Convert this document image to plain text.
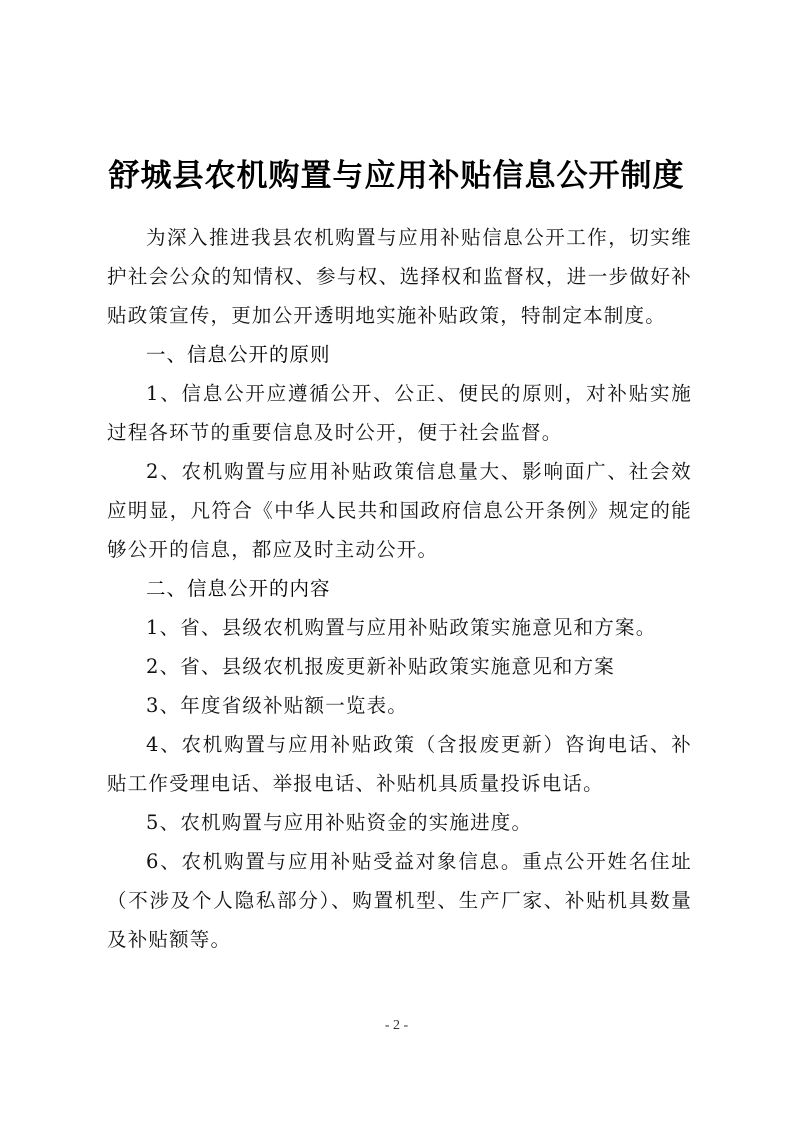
舒城县农机购置与应用补贴信息公开制度

为深入推进我县农机购置与应用补贴信息公开工作，切实维护社会公众的知情权、参与权、选择权和监督权，进一步做好补贴政策宣传，更加公开透明地实施补贴政策，特制定本制度。

一、信息公开的原则

1、信息公开应遵循公开、公正、便民的原则，对补贴实施过程各环节的重要信息及时公开，便于社会监督。

2、农机购置与应用补贴政策信息量大、影响面广、社会效应明显，凡符合《中华人民共和国政府信息公开条例》规定的能够公开的信息，都应及时主动公开。

二、信息公开的内容

1、省、县级农机购置与应用补贴政策实施意见和方案。

2、省、县级农机报废更新补贴政策实施意见和方案

3、年度省级补贴额一览表。

4、农机购置与应用补贴政策（含报废更新）咨询电话、补贴工作受理电话、举报电话、补贴机具质量投诉电话。

5、农机购置与应用补贴资金的实施进度。

6、农机购置与应用补贴受益对象信息。重点公开姓名住址（不涉及个人隐私部分）、购置机型、生产厂家、补贴机具数量及补贴额等。

- 2 -
